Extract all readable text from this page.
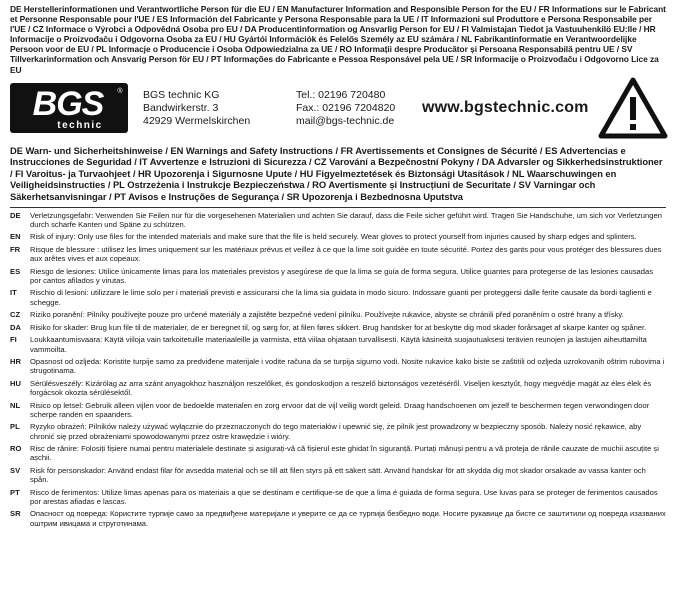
DE Herstellerinformationen und Verantwortliche Person für die EU / EN Manufacturer Information and Responsible Person for the EU / FR Informations sur le Fabricant et Personne Responsable pour l'UE / ES Información del Fabricante y Persona Responsable para la UE / IT Informazioni sul Produttore e Persona Responsabile per l'UE / CZ Informace o Výrobci a Odpovědná Osoba pro EU / DA Producentinformation og Ansvarlig Person for EU / FI Valmistajan Tiedot ja Vastuuhenkilö EU:lle / HR Informacije o Proizvođaču i Odgovorna Osoba za EU / HU Gyártói Információk és Felelős Személy az EU számára / NL Fabrikantinformatie en Verantwoordelijke Persoon voor de EU / PL Informacje o Producencie i Osoba Odpowiedzialna za UE / RO Informații despre Producător și Persoana Responsabilă pentru UE / SV Tillverkarinformation och Ansvarig Person för EU / PT Informações do Fabricante e Pessoa Responsável pela UE / SR Informacije o Proizvođaču i Odgovorno Lice za EU
BGS
technic
® BGS technic KG
Bandwirkerstr. 3
42929 Wermelskirchen
Tel.: 02196 720480
Fax.: 02196 7204820
mail@bgs-technic.de
www.bgstechnic.com
DE Warn- und Sicherheitshinweise / EN Warnings and Safety Instructions / FR Avertissements et Consignes de Sécurité / ES Advertencias e Instrucciones de Seguridad / IT Avvertenze e Istruzioni di Sicurezza / CZ Varování a Bezpečnostní Pokyny / DA Advarsler og Sikkerhedsinstruktioner / FI Varoitus- ja Turvaohjeet / HR Upozorenja i Sigurnosne Upute / HU Figyelmeztetések és Biztonsági Utasítások / NL Waarschuwingen en Veiligheidsinstructies / PL Ostrzeżenia i Instrukcje Bezpieczeństwa / RO Avertismente și Instrucțiuni de Securitate / SV Varningar och Säkerhetsanvisningar / PT Avisos e Instruções de Segurança / SR Upozorenja i Bezbednosna Uputstva
DE	Verletzungsgefahr: Verwenden Sie Feilen nur für die vorgesehenen Materialien und achten Sie darauf, dass die Feile sicher geführt wird. Tragen Sie Handschuhe, um sich vor Verletzungen durch scharfe Kanten und Späne zu schützen.
EN	Risk of injury: Only use files for the intended materials and make sure that the file is held securely. Wear gloves to protect yourself from injuries caused by sharp edges and splinters.
FR	Risque de blessure : utilisez les limes uniquement sur les matériaux prévus et veillez à ce que la lime soit guidée en toute sécurité. Portez des gants pour vous protéger des blessures dues aux arêtes vives et aux copeaux.
ES	Riesgo de lesiones: Utilice únicamente limas para los materiales previstos y asegúrese de que la lima se guía de forma segura. Utilice guantes para protegerse de las lesiones causadas por cantos afilados y virutas.
IT	Rischio di lesioni: utilizzare le lime solo per i materiali previsti e assicurarsi che la lima sia guidata in modo sicuro. Indossare guanti per proteggersi dalle ferite causate da bordi taglienti e schegge.
CZ	Riziko poranění: Pilníky používejte pouze pro určené materiály a zajistěte bezpečné vedení pilníku. Používejte rukavice, abyste se chránili před poraněním o ostré hrany a třísky.
DA	Risiko for skader: Brug kun file til de materialer, de er beregnet til, og sørg for, at filen føres sikkert. Brug handsker for at beskytte dig mod skader forårsaget af skarpe kanter og spåner.
FI	Loukkaantumisvaara: Käytä viiloja vain tarkoitetuille materiaaleille ja varmista, että viilaa ohjataan turvallisesti. Käytä käsineitä suojautuaksesi terävien reunojen ja lastujen aiheuttamilta vammoilta.
HR	Opasnost od ozljeda: Koristite turpije samo za predviđene materijale i vodite računa da se turpija sigurno vodi. Nosite rukavice kako biste se zaštitili od ozljeda uzrokovanih oštrim rubovima i strugotinama.
HU	Sérülésveszély: Kizárólag az arra szánt anyagokhoz használjon reszelőket, és gondoskodjon a reszelő biztonságos vezetéséről. Viseljen kesztyűt, hogy megvédje magát az éles élek és forgácsok okozta sérülésektől.
NL	Risico op letsel: Gebruik alleen vijlen voor de bedoelde materialen en zorg ervoor dat de vijl veilig wordt geleid. Draag handschoenen om jezelf te beschermen tegen verwondingen door scherpe randen en spaanders.
PL	Ryzyko obrażeń: Pilników należy używać wyłącznie do przeznaczonych do tego materiałów i upewnić się, że pilnik jest prowadzony w bezpieczny sposób. Należy nosić rękawice, aby chronić się przed obrażeniami spowodowanymi przez ostre krawędzie i wióry.
RO	Risc de rănire: Folosiți fișiere numai pentru materialele destinate și asigurați-vă că fișierul este ghidat în siguranță. Purtați mănuși pentru a vă proteja de rănile cauzate de muchii ascuțite și așchii.
SV	Risk för personskador: Använd endast filar för avsedda material och se till att filen styrs på ett säkert sätt. Använd handskar för att skydda dig mot skador orsakade av vassa kanter och spån.
PT	Risco de ferimentos: Utilize limas apenas para os materiais a que se destinam e certifique-se de que a lima é guiada de forma segura. Use luvas para se proteger de ferimentos causados por arestas afiadas e lascas.
SR	Опасност од повреда: Користите турпије само за предвиђене материјале и уверите се да се турпија безбедно води. Носите рукавице да бисте се заштитили од повреда изазваних оштрим ивицама и струготинама.
